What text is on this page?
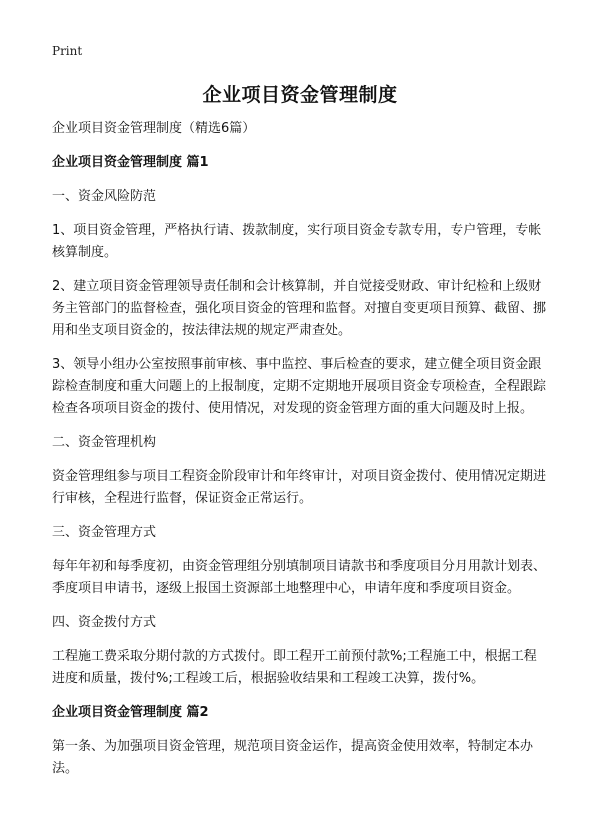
Print
企业项目资金管理制度

企业项目资金管理制度（精选6篇）

企业项目资金管理制度 篇1

一、资金风险防范

1、项目资金管理，严格执行请、拨款制度，实行项目资金专款专用，专户管理，专帐核算制度。

2、建立项目资金管理领导责任制和会计核算制，并自觉接受财政、审计纪检和上级财务主管部门的监督检查，强化项目资金的管理和监督。对擅自变更项目预算、截留、挪用和坐支项目资金的，按法律法规的规定严肃查处。

3、领导小组办公室按照事前审核、事中监控、事后检查的要求，建立健全项目资金跟踪检查制度和重大问题上的上报制度，定期不定期地开展项目资金专项检查，全程跟踪检查各项项目资金的拨付、使用情况，对发现的资金管理方面的重大问题及时上报。

二、资金管理机构

资金管理组参与项目工程资金阶段审计和年终审计，对项目资金拨付、使用情况定期进行审核，全程进行监督，保证资金正常运行。

三、资金管理方式

每年年初和每季度初，由资金管理组分别填制项目请款书和季度项目分月用款计划表、季度项目申请书，逐级上报国土资源部土地整理中心，申请年度和季度项目资金。

四、资金拨付方式

工程施工费采取分期付款的方式拨付。即工程开工前预付款%;工程施工中，根据工程进度和质量，拨付%;工程竣工后，根据验收结果和工程竣工决算，拨付%。

企业项目资金管理制度 篇2

第一条、为加强项目资金管理，规范项目资金运作，提高资金使用效率，特制定本办法。
